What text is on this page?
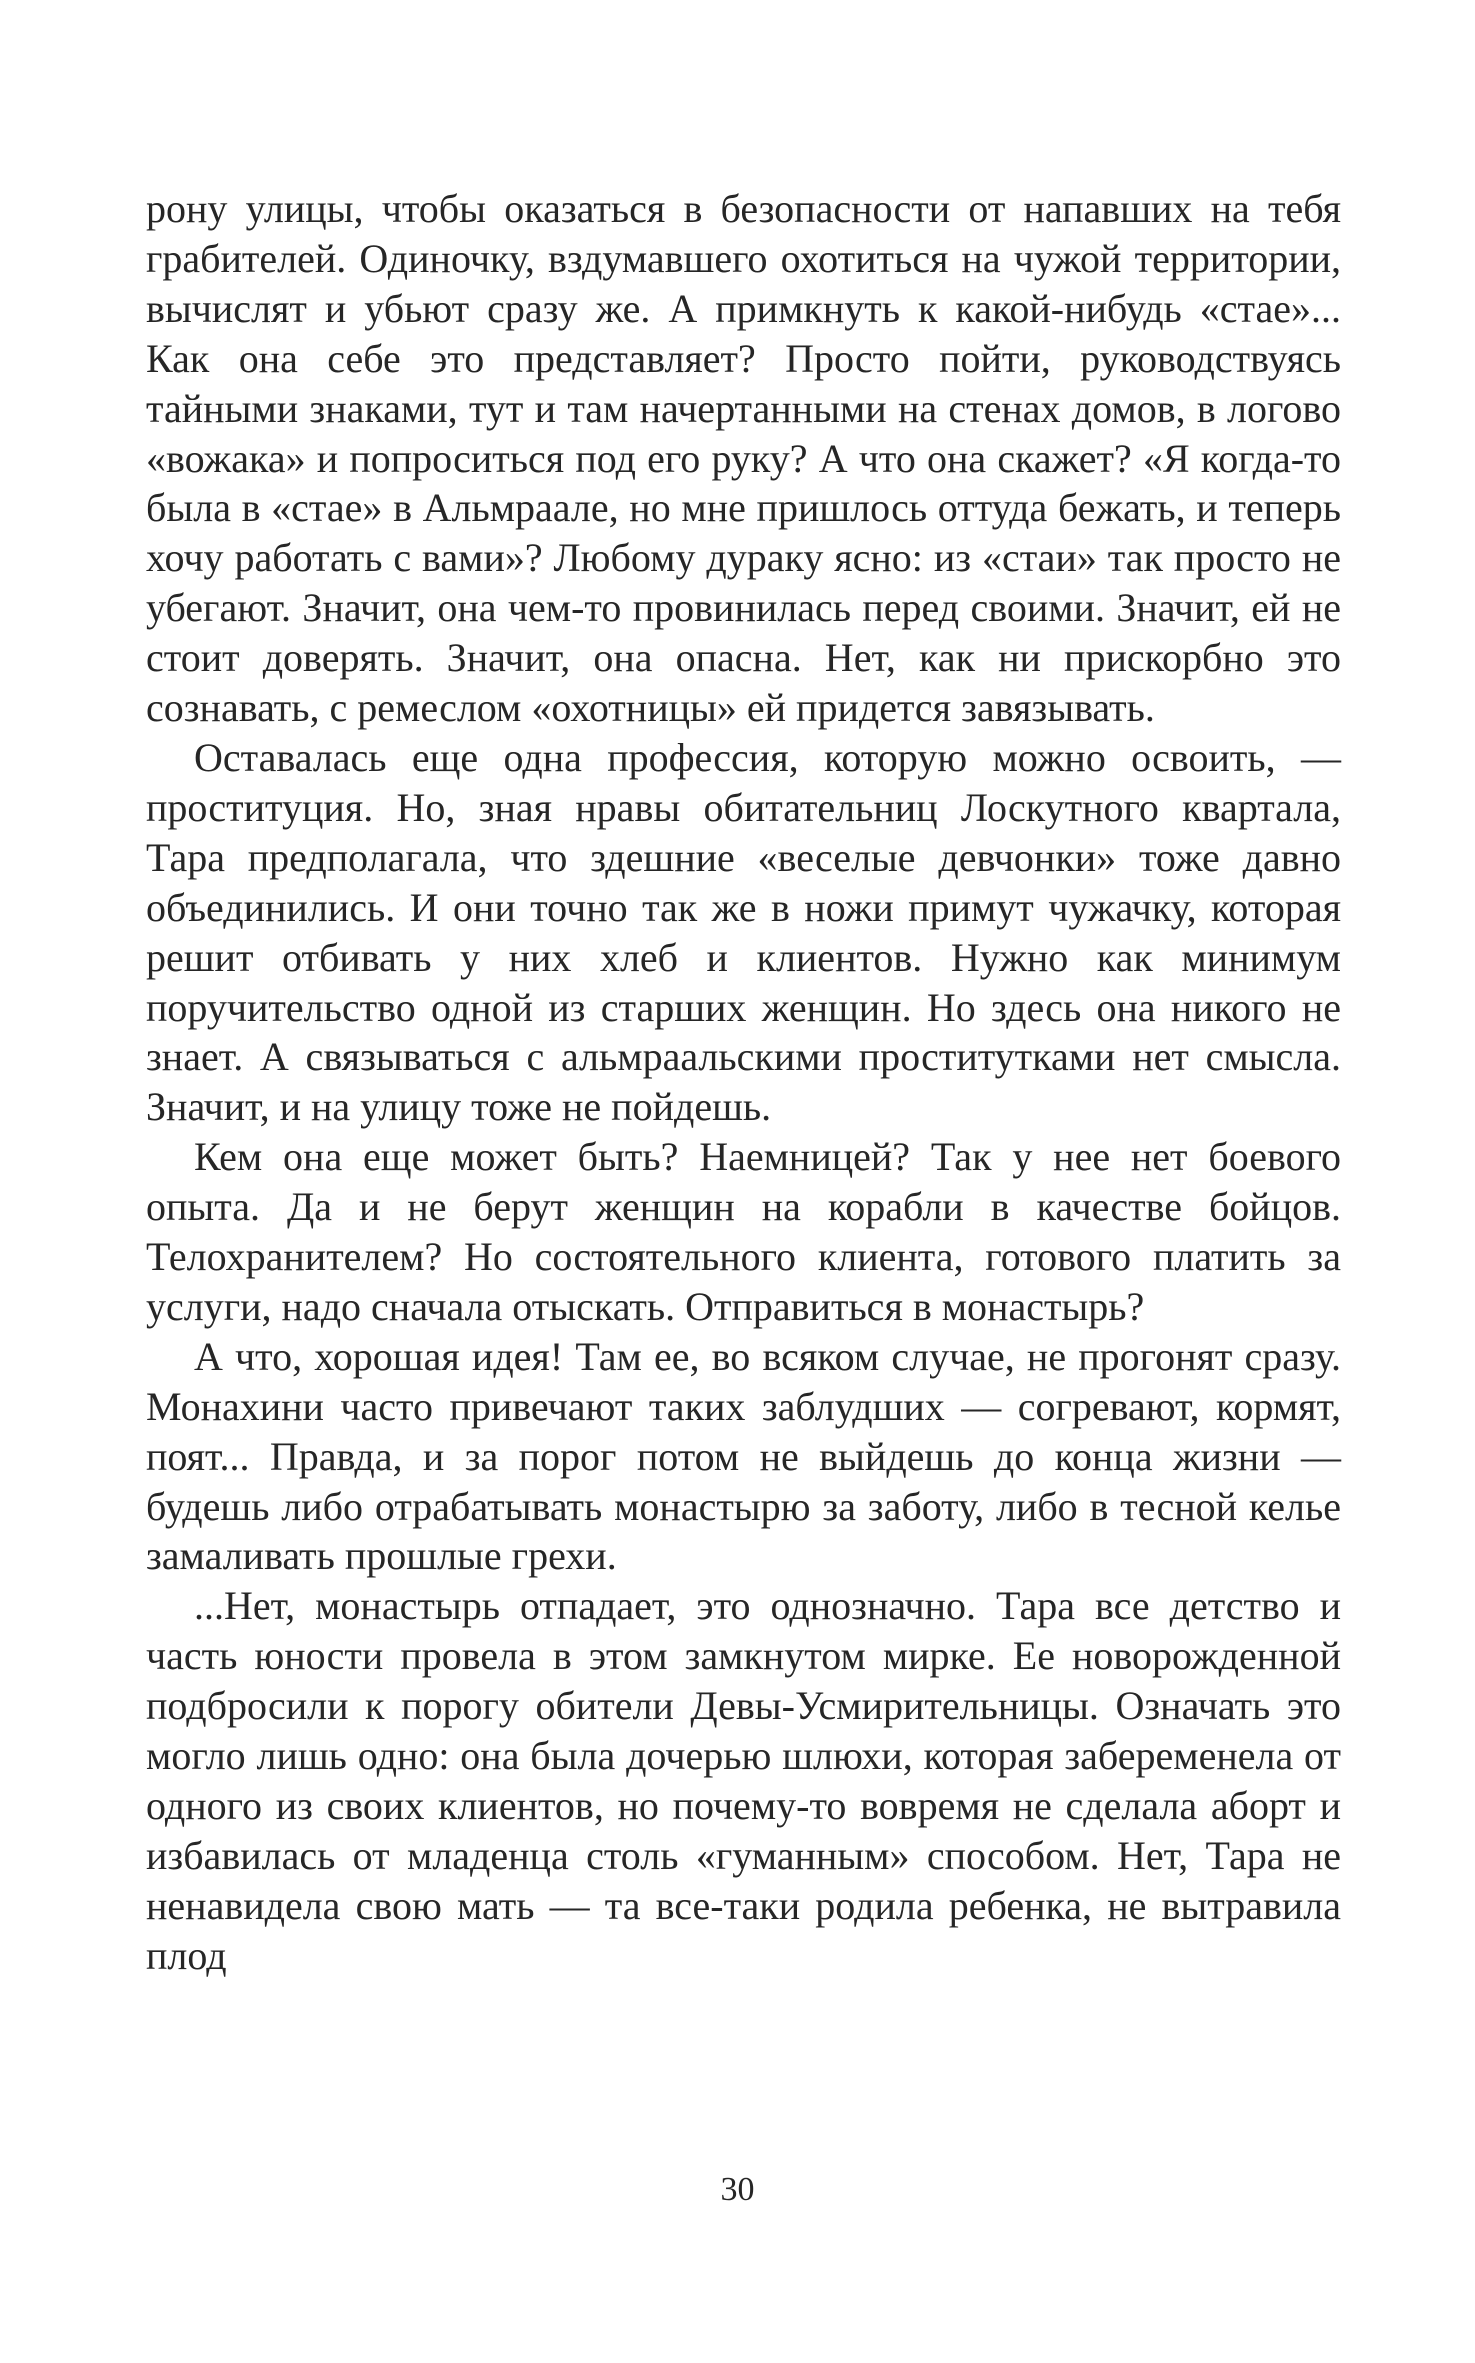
рону улицы, чтобы оказаться в безопасности от напавших на тебя грабителей. Одиночку, вздумавшего охотиться на чужой территории, вычислят и убьют сразу же. А примкнуть к какой-нибудь «стае»... Как она себе это представляет? Просто пойти, руководствуясь тайными знаками, тут и там начертанными на стенах домов, в логово «вожака» и попроситься под его руку? А что она скажет? «Я когда-то была в «стае» в Альмраале, но мне пришлось оттуда бежать, и теперь хочу работать с вами»? Любому дураку ясно: из «стаи» так просто не убегают. Значит, она чем-то провинилась перед своими. Значит, ей не стоит доверять. Значит, она опасна. Нет, как ни прискорбно это сознавать, с ремеслом «охотницы» ей придется завязывать.

Оставалась еще одна профессия, которую можно освоить, — проституция. Но, зная нравы обитательниц Лоскутного квартала, Тара предполагала, что здешние «веселые девчонки» тоже давно объединились. И они точно так же в ножи примут чужачку, которая решит отбивать у них хлеб и клиентов. Нужно как минимум поручительство одной из старших женщин. Но здесь она никого не знает. А связываться с альмраальскими проститутками нет смысла. Значит, и на улицу тоже не пойдешь.

Кем она еще может быть? Наемницей? Так у нее нет боевого опыта. Да и не берут женщин на корабли в качестве бойцов. Телохранителем? Но состоятельного клиента, готового платить за услуги, надо сначала отыскать. Отправиться в монастырь?

А что, хорошая идея! Там ее, во всяком случае, не прогонят сразу. Монахини часто привечают таких заблудших — согревают, кормят, поят... Правда, и за порог потом не выйдешь до конца жизни — будешь либо отрабатывать монастырю за заботу, либо в тесной келье замаливать прошлые грехи.

...Нет, монастырь отпадает, это однозначно. Тара все детство и часть юности провела в этом замкнутом мирке. Ее новорожденной подбросили к порогу обители Девы-Усмирительницы. Означать это могло лишь одно: она была дочерью шлюхи, которая забеременела от одного из своих клиентов, но почему-то вовремя не сделала аборт и избавилась от младенца столь «гуманным» способом. Нет, Тара не ненавидела свою мать — та все-таки родила ребенка, не вытравила плод

30
